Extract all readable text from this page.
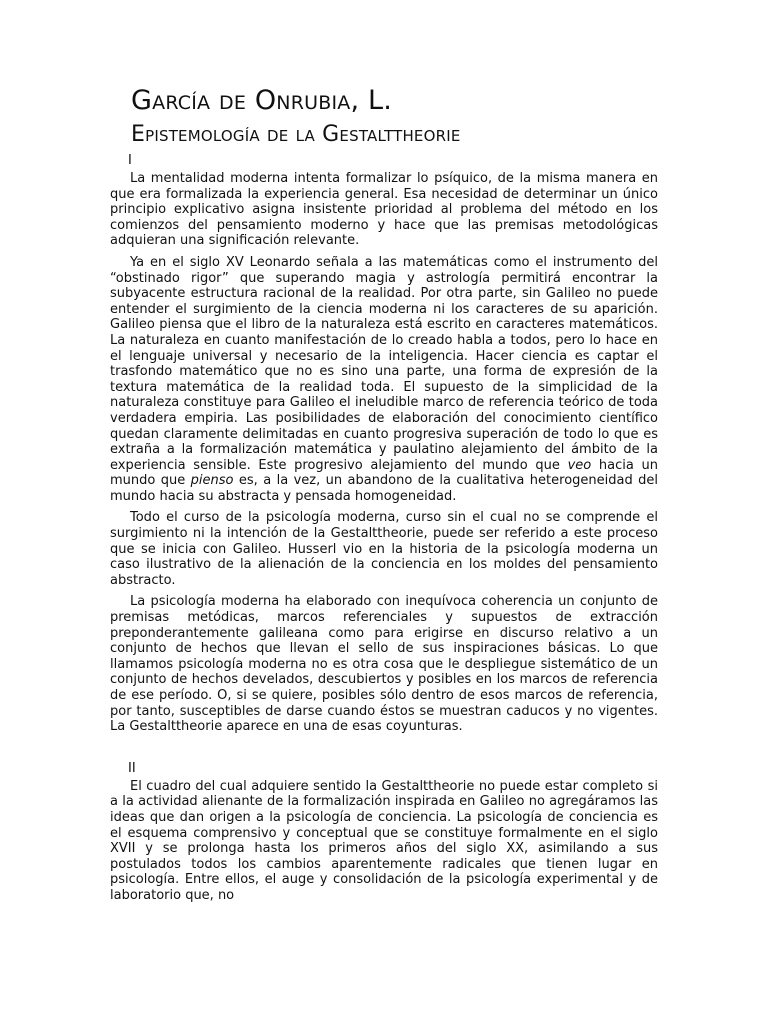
García de Onrubia, L.
Epistemología de la Gestalttheorie
I

La mentalidad moderna intenta formalizar lo psíquico, de la misma manera en que era formalizada la experiencia general. Esa necesidad de determinar un único principio explicativo asigna insistente prioridad al problema del método en los comienzos del pensamiento moderno y hace que las premisas metodológicas adquieran una significación relevante.

Ya en el siglo XV Leonardo señala a las matemáticas como el instrumento del “obstinado rigor” que superando magia y astrología permitirá encontrar la subyacente estructura racional de la realidad. Por otra parte, sin Galileo no puede entender el surgimiento de la ciencia moderna ni los caracteres de su aparición. Galileo piensa que el libro de la naturaleza está escrito en caracteres matemáticos. La naturaleza en cuanto manifestación de lo creado habla a todos, pero lo hace en el lenguaje universal y necesario de la inteligencia. Hacer ciencia es captar el trasfondo matemático que no es sino una parte, una forma de expresión de la textura matemática de la realidad toda. El supuesto de la simplicidad de la naturaleza constituye para Galileo el ineludible marco de referencia teórico de toda verdadera empiria. Las posibilidades de elaboración del conocimiento científico quedan claramente delimitadas en cuanto progresiva superación de todo lo que es extraña a la formalización matemática y paulatino alejamiento del ámbito de la experiencia sensible. Este progresivo alejamiento del mundo que veo hacia un mundo que pienso es, a la vez, un abandono de la cualitativa heterogeneidad del mundo hacia su abstracta y pensada homogeneidad.

Todo el curso de la psicología moderna, curso sin el cual no se comprende el surgimiento ni la intención de la Gestalttheorie, puede ser referido a este proceso que se inicia con Galileo. Husserl vio en la historia de la psicología moderna un caso ilustrativo de la alienación de la conciencia en los moldes del pensamiento abstracto.

La psicología moderna ha elaborado con inequívoca coherencia un conjunto de premisas metódicas, marcos referenciales y supuestos de extracción preponderantemente galileana como para erigirse en discurso relativo a un conjunto de hechos que llevan el sello de sus inspiraciones básicas. Lo que llamamos psicología moderna no es otra cosa que le despliegue sistemático de un conjunto de hechos develados, descubiertos y posibles en los marcos de referencia de ese período. O, si se quiere, posibles sólo dentro de esos marcos de referencia, por tanto, susceptibles de darse cuando éstos se muestran caducos y no vigentes. La Gestalttheorie aparece en una de esas coyunturas.

II

El cuadro del cual adquiere sentido la Gestalttheorie no puede estar completo si a la actividad alienante de la formalización inspirada en Galileo no agregáramos las ideas que dan origen a la psicología de conciencia. La psicología de conciencia es el esquema comprensivo y conceptual que se constituye formalmente en el siglo XVII y se prolonga hasta los primeros años del siglo XX, asimilando a sus postulados todos los cambios aparentemente radicales que tienen lugar en psicología. Entre ellos, el auge y consolidación de la psicología experimental y de laboratorio que, no
